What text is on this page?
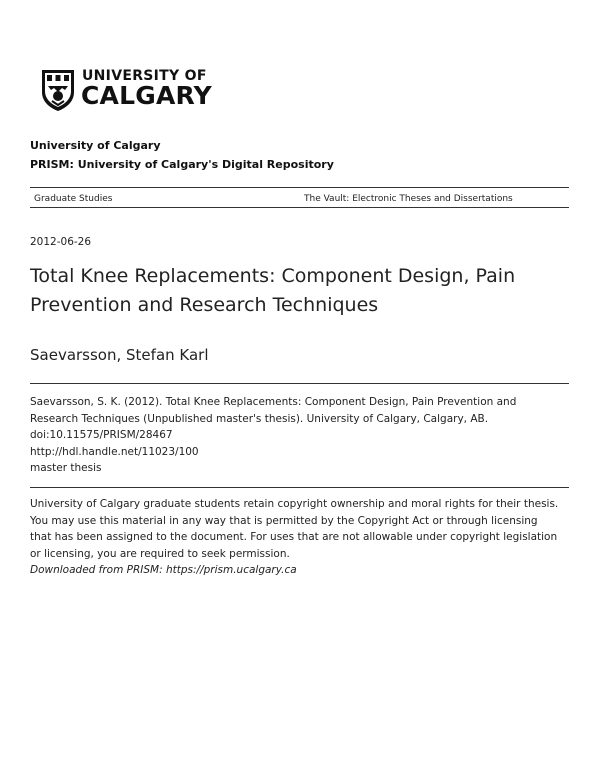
UNIVERSITY OF
CALGARY
University of Calgary
PRISM: University of Calgary's Digital Repository
Graduate Studies	The Vault: Electronic Theses and Dissertations
2012-06-26
Total Knee Replacements: Component Design, Pain Prevention and Research Techniques
Saevarsson, Stefan Karl
Saevarsson, S. K. (2012). Total Knee Replacements: Component Design, Pain Prevention and
Research Techniques (Unpublished master's thesis). University of Calgary, Calgary, AB.
doi:10.11575/PRISM/28467
http://hdl.handle.net/11023/100
master thesis
University of Calgary graduate students retain copyright ownership and moral rights for their thesis. You may use this material in any way that is permitted by the Copyright Act or through licensing that has been assigned to the document. For uses that are not allowable under copyright legislation or licensing, you are required to seek permission.
Downloaded from PRISM: https://prism.ucalgary.ca
